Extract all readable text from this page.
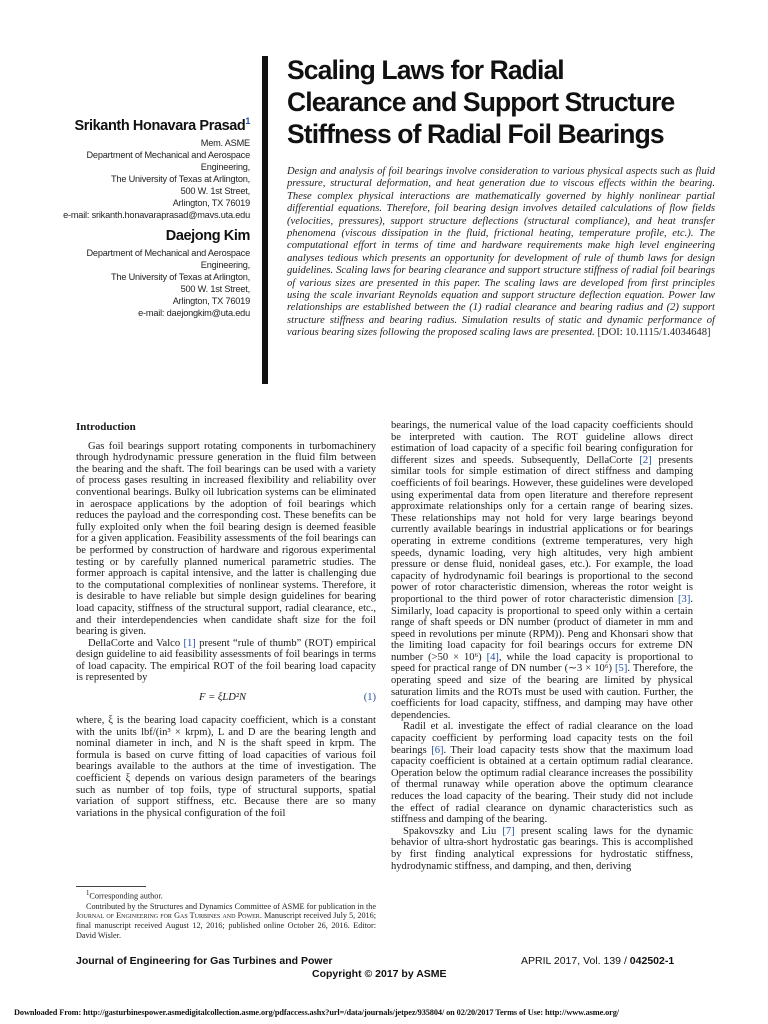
Srikanth Honavara Prasad$^1$
Mem. ASME
Department of Mechanical and Aerospace
Engineering,
The University of Texas at Arlington,
500 W. 1st Street,
Arlington, TX 76019
e-mail: srikanth.honavaraprasad@mavs.uta.edu
Daejong Kim
Department of Mechanical and Aerospace
Engineering,
The University of Texas at Arlington,
500 W. 1st Street,
Arlington, TX 76019
e-mail: daejongkim@uta.edu
Scaling Laws for Radial
Clearance and Support Structure
Stiffness of Radial Foil Bearings
Design and analysis of foil bearings involve consideration to various physical aspects such as fluid pressure, structural deformation, and heat generation due to viscous effects within the bearing. These complex physical interactions are mathematically governed by highly nonlinear partial differential equations. Therefore, foil bearing design involves detailed calculations of flow fields (velocities, pressures), support structure deflections (structural compliance), and heat transfer phenomena (viscous dissipation in the fluid, frictional heating, temperature profile, etc.). The computational effort in terms of time and hardware requirements make high level engineering analyses tedious which presents an opportunity for development of rule of thumb laws for design guidelines. Scaling laws for bearing clearance and support structure stiffness of radial foil bearings of various sizes are presented in this paper. The scaling laws are developed from first principles using the scale invariant Reynolds equation and support structure deflection equation. Power law relationships are established between the (1) radial clearance and bearing radius and (2) support structure stiffness and bearing radius. Simulation results of static and dynamic performance of various bearing sizes following the proposed scaling laws are presented. [DOI: 10.1115/1.4034648]
Introduction

Gas foil bearings support rotating components in turbomachinery through hydrodynamic pressure generation in the fluid film between the bearing and the shaft. The foil bearings can be used with a variety of process gases resulting in increased flexibility and reliability over conventional bearings. Bulky oil lubrication systems can be eliminated in aerospace applications by the adoption of foil bearings which reduces the payload and the corresponding cost. These benefits can be fully exploited only when the foil bearing design is deemed feasible for a given application. Feasibility assessments of the foil bearings can be performed by construction of hardware and rigorous experimental testing or by carefully planned numerical parametric studies. The former approach is capital intensive, and the latter is challenging due to the computational complexities of nonlinear systems. Therefore, it is desirable to have reliable but simple design guidelines for bearing load capacity, stiffness of the structural support, radial clearance, etc., and their interdependencies when candidate shaft size for the foil bearing is given.

DellaCorte and Valco [1] present “rule of thumb” (ROT) empirical design guideline to aid feasibility assessments of foil bearings in terms of load capacity. The empirical ROT of the foil bearing load capacity is represented by

F = ξLD²N	(1)

where, ξ is the bearing load capacity coefficient, which is a constant with the units lbf/(in³ × krpm), L and D are the bearing length and nominal diameter in inch, and N is the shaft speed in krpm. The formula is based on curve fitting of load capacities of various foil bearings available to the authors at the time of investigation. The coefficient ξ depends on various design parameters of the bearings such as number of top foils, type of structural supports, spatial variation of support stiffness, etc. Because there are so many variations in the physical configuration of the foil

bearings, the numerical value of the load capacity coefficients should be interpreted with caution. The ROT guideline allows direct estimation of load capacity of a specific foil bearing configuration for different sizes and speeds. Subsequently, DellaCorte [2] presents similar tools for simple estimation of direct stiffness and damping coefficients of foil bearings. However, these guidelines were developed using experimental data from open literature and therefore represent approximate relationships only for a certain range of bearing sizes. These relationships may not hold for very large bearings beyond currently available bearings in industrial applications or for bearings operating in extreme conditions (extreme temperatures, very high speeds, dynamic loading, very high altitudes, very high ambient pressure or dense fluid, nonideal gases, etc.). For example, the load capacity of hydrodynamic foil bearings is proportional to the second power of rotor characteristic dimension, whereas the rotor weight is proportional to the third power of rotor characteristic dimension [3]. Similarly, load capacity is proportional to speed only within a certain range of shaft speeds or DN number (product of diameter in mm and speed in revolutions per minute (RPM)). Peng and Khonsari show that the limiting load capacity for foil bearings occurs for extreme DN number (>50 × 10⁶) [4], while the load capacity is proportional to speed for practical range of DN number (∼3 × 10⁶) [5]. Therefore, the operating speed and size of the bearing are limited by physical saturation limits and the ROTs must be used with caution. Further, the coefficients for load capacity, stiffness, and damping may have other dependencies.

Radil et al. investigate the effect of radial clearance on the load capacity coefficient by performing load capacity tests on the foil bearings [6]. Their load capacity tests show that the maximum load capacity coefficient is obtained at a certain optimum radial clearance. Operation below the optimum radial clearance increases the possibility of thermal runaway while operation above the optimum clearance reduces the load capacity of the bearing. Their study did not include the effect of radial clearance on dynamic characteristics such as stiffness and damping of the bearing.

Spakovszky and Liu [7] present scaling laws for the dynamic behavior of ultra-short hydrostatic gas bearings. This is accomplished by first finding analytical expressions for hydrostatic stiffness, hydrodynamic stiffness, and damping, and then, deriving

$^1$Corresponding author.

Contributed by the Structures and Dynamics Committee of ASME for publication in the Journal of Engineering for Gas Turbines and Power. Manuscript received July 5, 2016; final manuscript received August 12, 2016; published online October 26, 2016. Editor: David Wisler.

Journal of Engineering for Gas Turbines and Power	APRIL 2017, Vol. 139 / 042502-1
Copyright © 2017 by ASME
Downloaded From: http://gasturbinespower.asmedigitalcollection.asme.org/pdfaccess.ashx?url=/data/journals/jetpez/935804/ on 02/20/2017 Terms of Use: http://www.asme.org/
